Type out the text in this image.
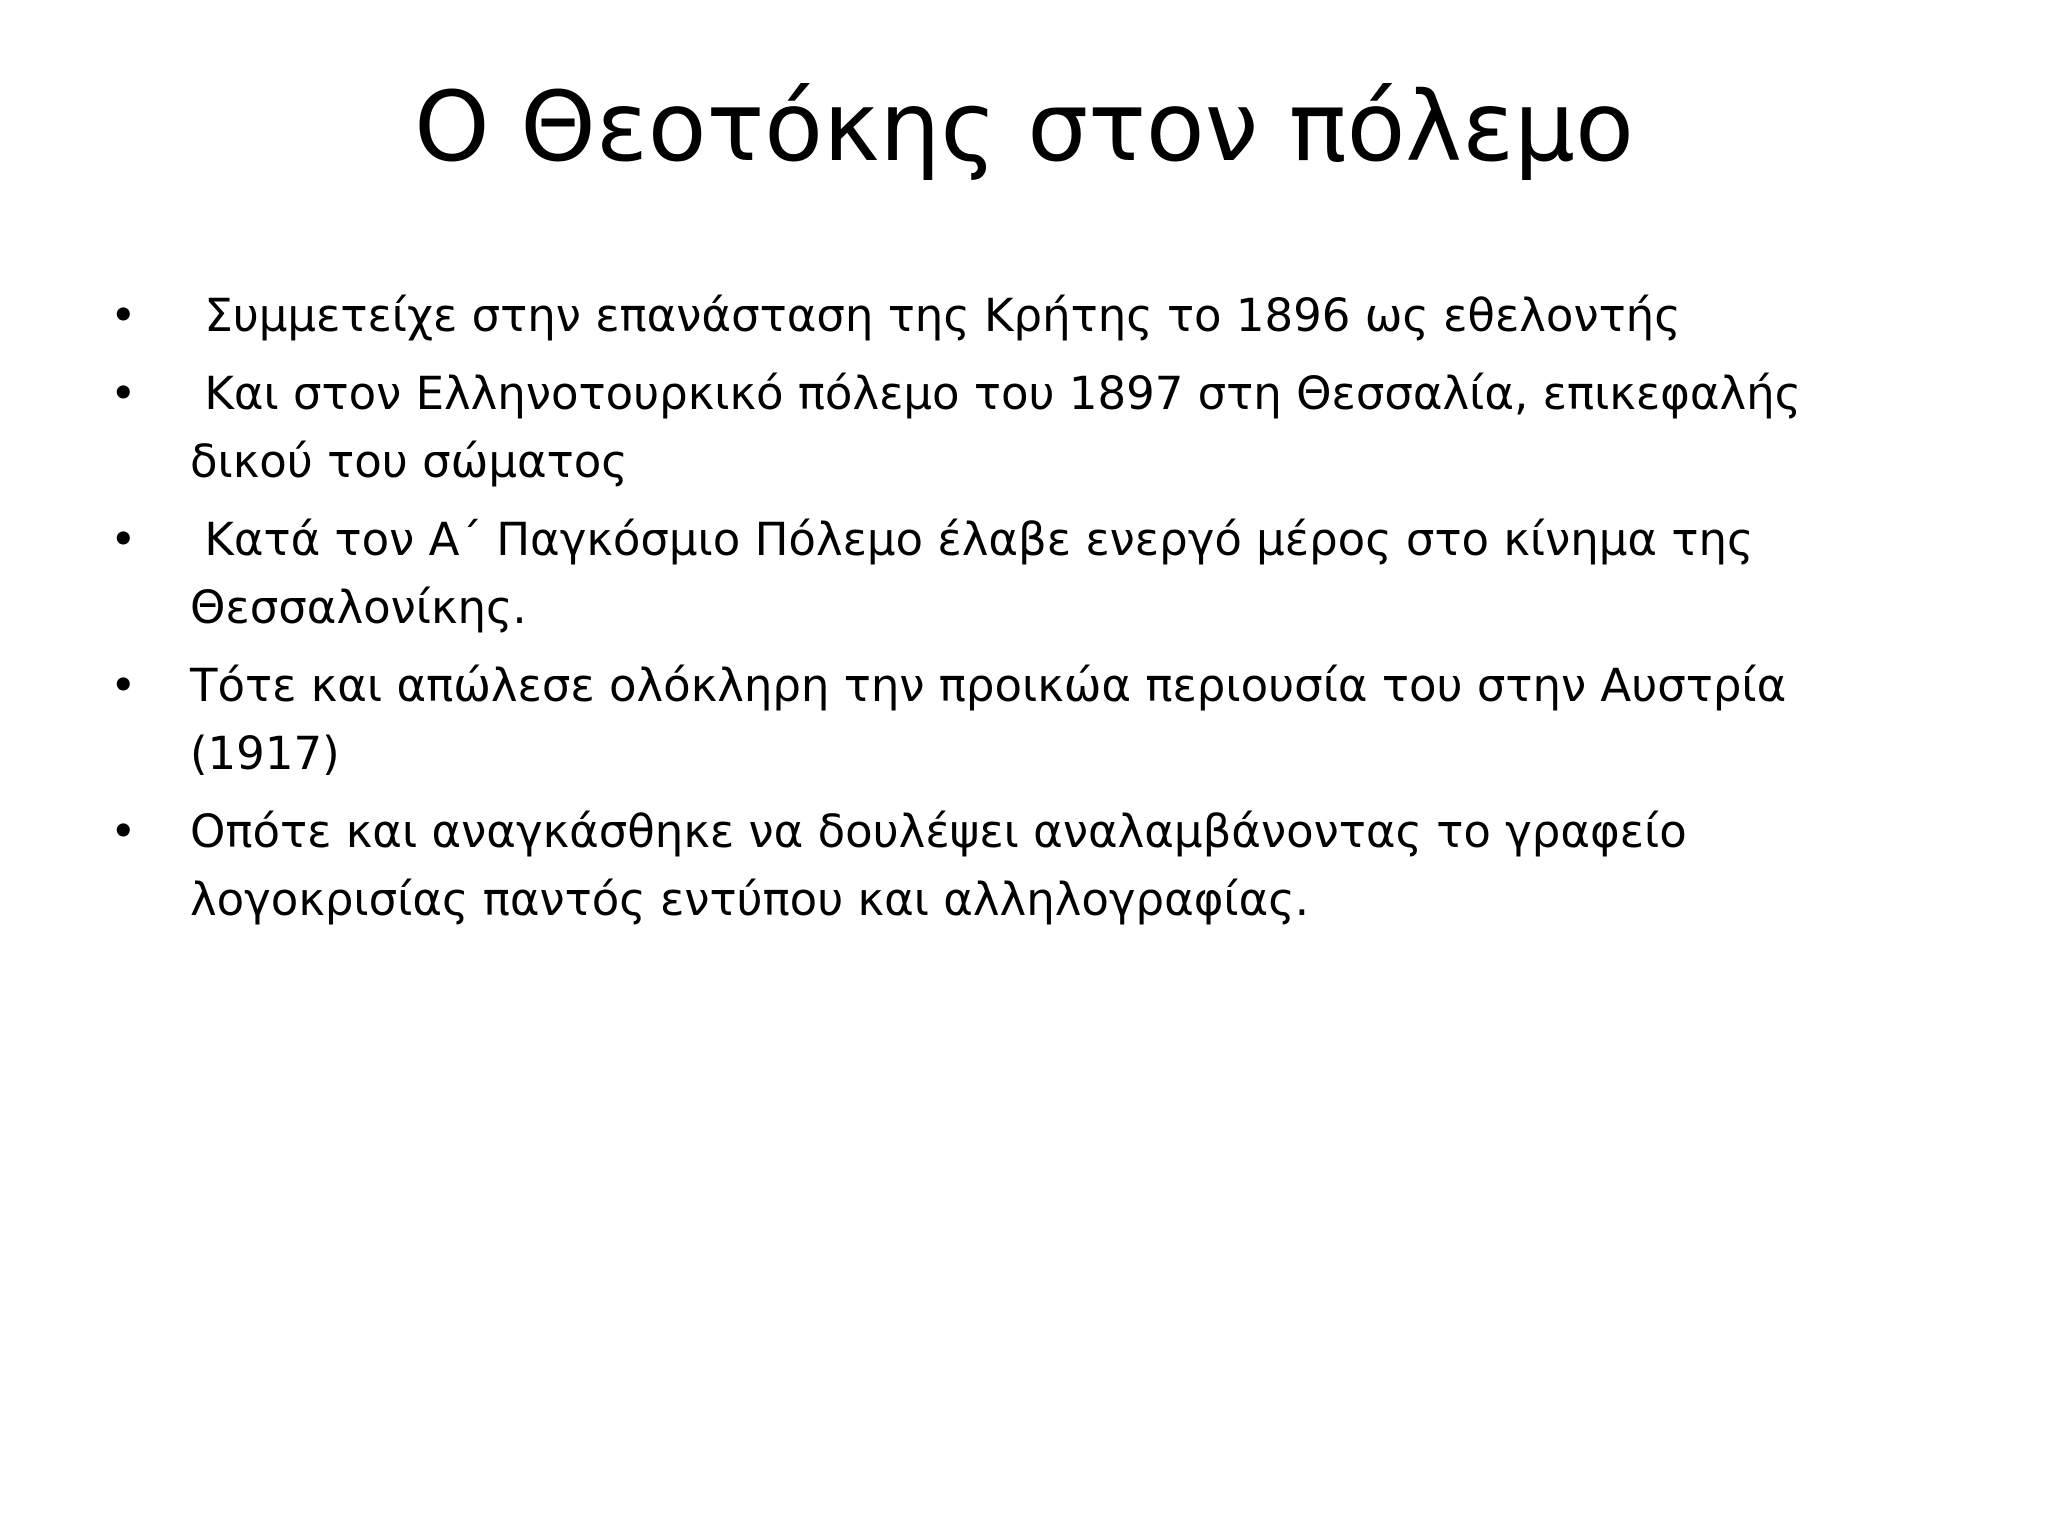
Ο Θεοτόκης στον πόλεμο
• Συμμετείχε στην επανάσταση της Κρήτης το 1896 ως εθελοντής
• Και στον Ελληνοτουρκικό πόλεμο του 1897 στη Θεσσαλία, επικεφαλής δικού του σώματος
• Κατά τον Α΄ Παγκόσμιο Πόλεμο έλαβε ενεργό μέρος στο κίνημα της Θεσσαλονίκης.
• Τότε και απώλεσε ολόκληρη την προικώα περιουσία του στην Αυστρία (1917)
• Οπότε και αναγκάσθηκε να δουλέψει αναλαμβάνοντας το γραφείο λογοκρισίας παντός εντύπου και αλληλογραφίας.
